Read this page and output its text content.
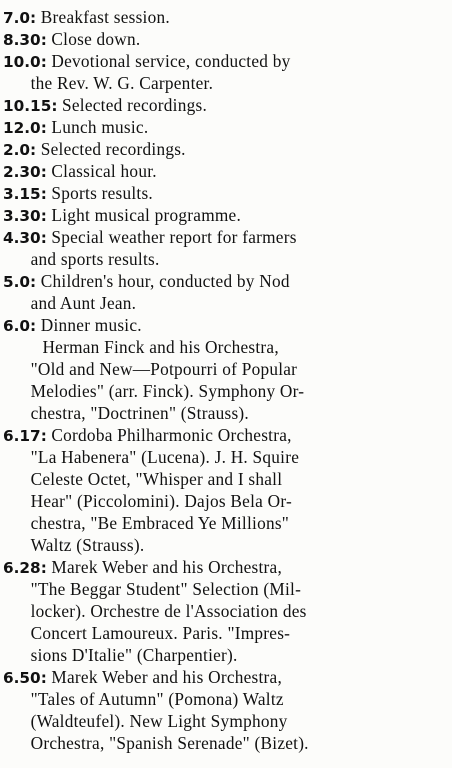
7.0: Breakfast session.
8.30: Close down.
10.0: Devotional service, conducted by
the Rev. W. G. Carpenter.
10.15: Selected recordings.
12.0: Lunch music.
2.0: Selected recordings.
2.30: Classical hour.
3.15: Sports results.
3.30: Light musical programme.
4.30: Special weather report for farmers
and sports results.
5.0: Children's hour, conducted by Nod
and Aunt Jean.
6.0: Dinner music.
Herman Finck and his Orchestra,
"Old and New—Potpourri of Popular
Melodies" (arr. Finck). Symphony Or-
chestra, "Doctrinen" (Strauss).
6.17: Cordoba Philharmonic Orchestra,
"La Habenera" (Lucena). J. H. Squire
Celeste Octet, "Whisper and I shall
Hear" (Piccolomini). Dajos Bela Or-
chestra, "Be Embraced Ye Millions"
Waltz (Strauss).
6.28: Marek Weber and his Orchestra,
"The Beggar Student" Selection (Mil-
locker). Orchestre de l'Association des
Concert Lamoureux. Paris. "Impres-
sions D'Italie" (Charpentier).
6.50: Marek Weber and his Orchestra,
"Tales of Autumn" (Pomona) Waltz
(Waldteufel). New Light Symphony
Orchestra, "Spanish Serenade" (Bizet).
